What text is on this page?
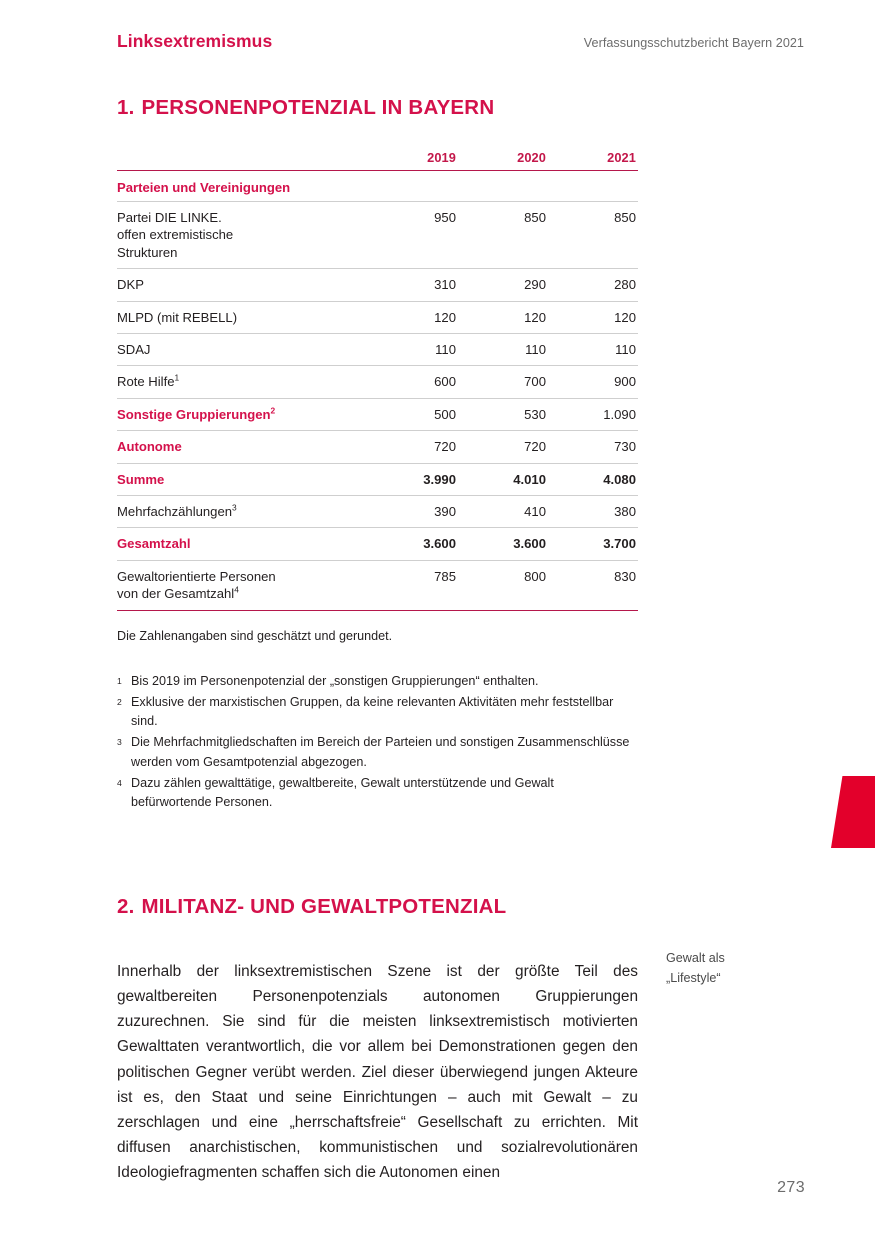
Linksextremismus	Verfassungsschutzbericht Bayern 2021
1. PERSONENPOTENZIAL IN BAYERN
	2019	2020	2021
Parteien und Vereinigungen			
Partei DIE LINKE.
offen extremistische
Strukturen	950	850	850
DKP	310	290	280
MLPD (mit REBELL)	120	120	120
SDAJ	110	110	110
Rote Hilfe$^1$	600	700	900
Sonstige Gruppierungen$^2$	500	530	1.090
Autonome	720	720	730
Summe	3.990	4.010	4.080
Mehrfachzählungen$^3$	390	410	380
Gesamtzahl	3.600	3.600	3.700
Gewaltorientierte Personen
von der Gesamtzahl$^4$	785	800	830
Die Zahlenangaben sind geschätzt und gerundet.
1 Bis 2019 im Personenpotenzial der „sonstigen Gruppierungen“ enthalten.
2 Exklusive der marxistischen Gruppen, da keine relevanten Aktivitäten mehr feststellbar sind.
3 Die Mehrfachmitgliedschaften im Bereich der Parteien und sonstigen Zusammenschlüsse werden vom Gesamtpotenzial abgezogen.
4 Dazu zählen gewalttätige, gewaltbereite, Gewalt unterstützende und Gewalt befürwortende Personen.
2. MILITANZ- UND GEWALTPOTENZIAL

Innerhalb der linksextremistischen Szene ist der größte Teil des gewaltbereiten Personenpotenzials autonomen Gruppierungen zuzurechnen. Sie sind für die meisten linksextremistisch motivierten Gewalttaten verantwortlich, die vor allem bei Demonstrationen gegen den politischen Gegner verübt werden. Ziel dieser überwiegend jungen Akteure ist es, den Staat und seine Einrichtungen – auch mit Gewalt – zu zerschlagen und eine „herrschaftsfreie“ Gesellschaft zu errichten. Mit diffusen anarchistischen, kommunistischen und sozialrevolutionären Ideologiefragmenten schaffen sich die Autonomen einen

Gewalt als
„Lifestyle“
273
